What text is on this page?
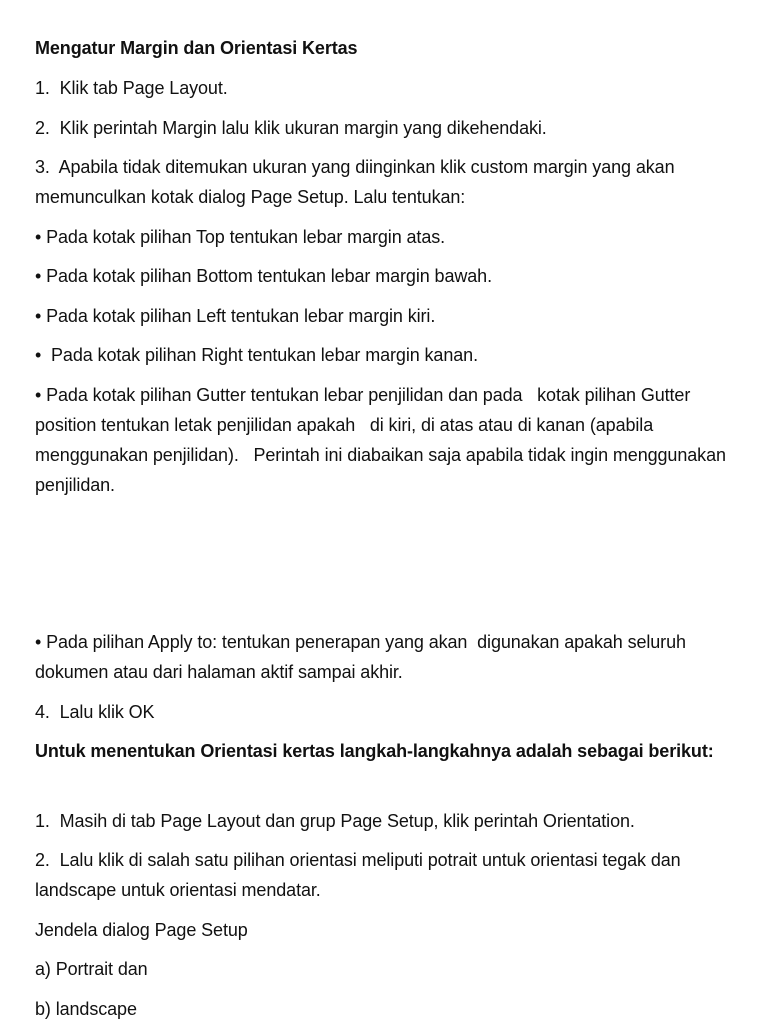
Mengatur Margin dan Orientasi Kertas

1.  Klik tab Page Layout.

2.  Klik perintah Margin lalu klik ukuran margin yang dikehendaki.

3.  Apabila tidak ditemukan ukuran yang diinginkan klik custom margin yang akan memunculkan kotak dialog Page Setup. Lalu tentukan:

• Pada kotak pilihan Top tentukan lebar margin atas.

• Pada kotak pilihan Bottom tentukan lebar margin bawah.

• Pada kotak pilihan Left tentukan lebar margin kiri.

•  Pada kotak pilihan Right tentukan lebar margin kanan.

• Pada kotak pilihan Gutter tentukan lebar penjilidan dan pada   kotak pilihan Gutter position tentukan letak penjilidan apakah   di kiri, di atas atau di kanan (apabila menggunakan penjilidan).   Perintah ini diabaikan saja apabila tidak ingin menggunakan   penjilidan.

• Pada pilihan Apply to: tentukan penerapan yang akan  digunakan apakah seluruh dokumen atau dari halaman aktif sampai akhir.

4.  Lalu klik OK

Untuk menentukan Orientasi kertas langkah-langkahnya adalah sebagai berikut:

1.  Masih di tab Page Layout dan grup Page Setup, klik perintah Orientation.

2.  Lalu klik di salah satu pilihan orientasi meliputi potrait untuk orientasi tegak dan landscape untuk orientasi mendatar.

Jendela dialog Page Setup

a) Portrait dan

b) landscape
